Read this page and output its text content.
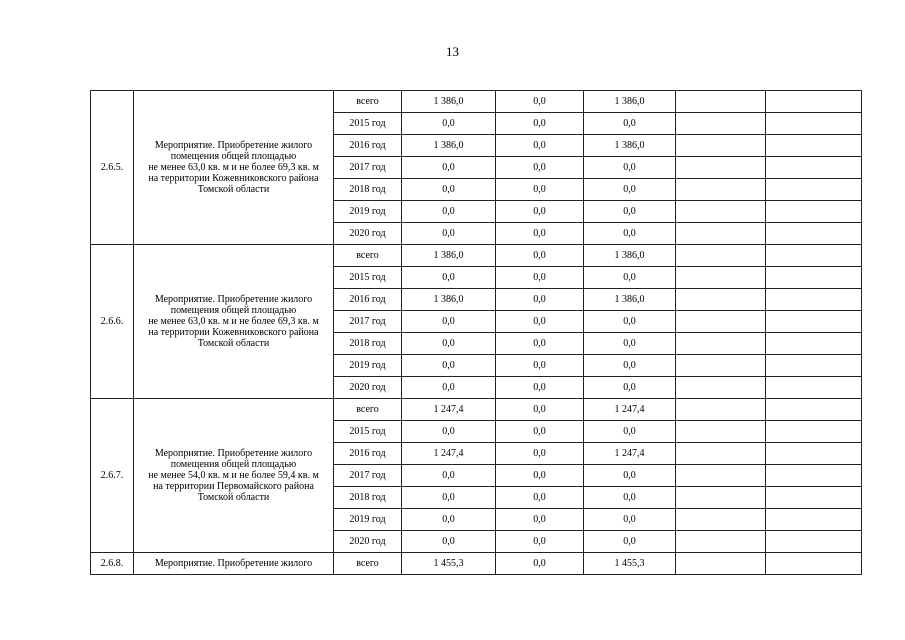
13
2.6.5.	Мероприятие. Приобретение жилого
помещения общей площадью
не менее 63,0 кв. м и не более 69,3 кв. м
на территории Кожевниковского района
Томской области	всего	1 386,0	0,0	1 386,0		
		2015 год	0,0	0,0	0,0		
		2016 год	1 386,0	0,0	1 386,0		
		2017 год	0,0	0,0	0,0		
		2018 год	0,0	0,0	0,0		
		2019 год	0,0	0,0	0,0		
		2020 год	0,0	0,0	0,0		
2.6.6.	Мероприятие. Приобретение жилого
помещения общей площадью
не менее 63,0 кв. м и не более 69,3 кв. м
на территории Кожевниковского района
Томской области	всего	1 386,0	0,0	1 386,0		
		2015 год	0,0	0,0	0,0		
		2016 год	1 386,0	0,0	1 386,0		
		2017 год	0,0	0,0	0,0		
		2018 год	0,0	0,0	0,0		
		2019 год	0,0	0,0	0,0		
		2020 год	0,0	0,0	0,0		
2.6.7.	Мероприятие. Приобретение жилого
помещения общей площадью
не менее 54,0 кв. м и не более 59,4 кв. м
на территории Первомайского района
Томской области	всего	1 247,4	0,0	1 247,4		
		2015 год	0,0	0,0	0,0		
		2016 год	1 247,4	0,0	1 247,4		
		2017 год	0,0	0,0	0,0		
		2018 год	0,0	0,0	0,0		
		2019 год	0,0	0,0	0,0		
		2020 год	0,0	0,0	0,0		
2.6.8.	Мероприятие. Приобретение жилого	всего	1 455,3	0,0	1 455,3		
